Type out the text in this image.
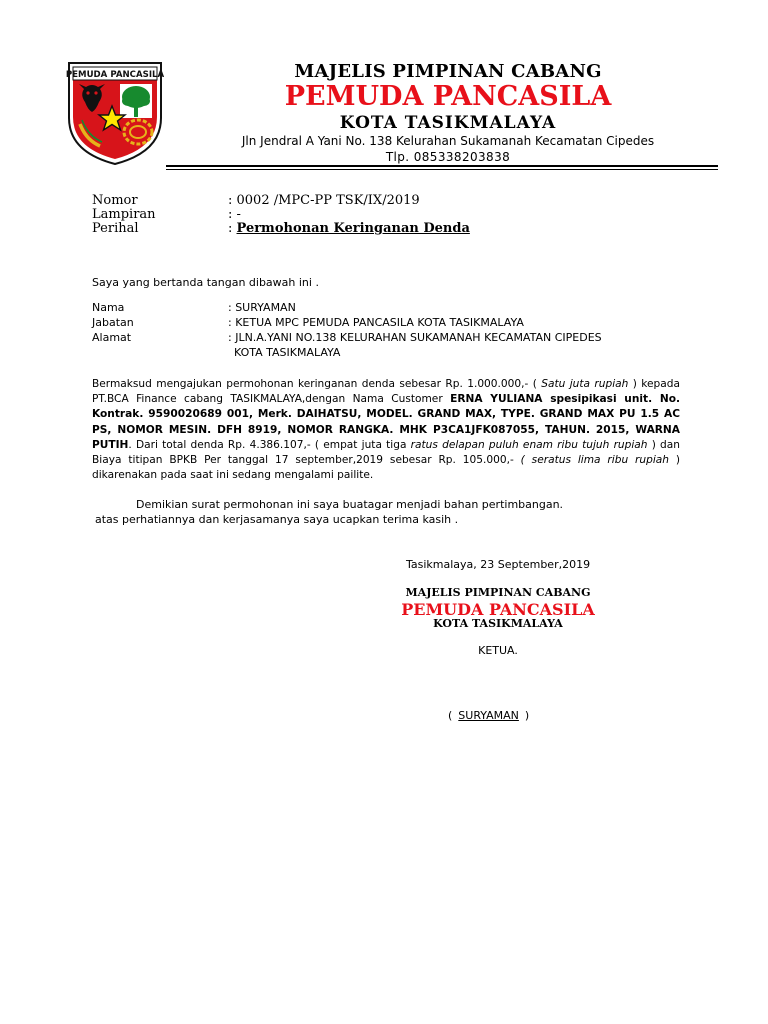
PEMUDA PANCASILA	MAJELIS PIMPINAN CABANG
PEMUDA PANCASILA
KOTA TASIKMALAYA
Jln Jendral A Yani No. 138 Kelurahan Sukamanah Kecamatan Cipedes
Tlp. 085338203838
Nomor	: 0002 /MPC-PP TSK/IX/2019
Lampiran	: -
Perihal	: Permohonan Keringanan Denda
Saya yang bertanda tangan dibawah ini .
Nama	: SURYAMAN
Jabatan	: KETUA MPC PEMUDA PANCASILA KOTA TASIKMALAYA
Alamat	: JLN.A.YANI NO.138 KELURAHAN SUKAMANAH KECAMATAN CIPEDES
KOTA TASIKMALAYA
Bermaksud mengajukan permohonan keringanan denda sebesar Rp. 1.000.000,- ( Satu juta rupiah ) kepada PT.BCA Finance cabang TASIKMALAYA,dengan Nama Customer ERNA YULIANA spesipikasi unit. No. Kontrak. 9590020689 001, Merk. DAIHATSU, MODEL. GRAND MAX, TYPE. GRAND MAX PU 1.5 AC PS, NOMOR MESIN. DFH 8919, NOMOR RANGKA. MHK P3CA1JFK087055, TAHUN. 2015, WARNA PUTIH. Dari total denda Rp. 4.386.107,- ( empat juta tiga ratus delapan puluh enam ribu tujuh rupiah ) dan Biaya titipan BPKB Per tanggal 17 september,2019 sebesar Rp. 105.000,- ( seratus lima ribu rupiah ) dikarenakan pada saat ini sedang mengalami pailite.
Demikian surat permohonan ini saya buatagar menjadi bahan pertimbangan.
atas perhatiannya dan kerjasamanya saya ucapkan terima kasih .
Tasikmalaya, 23 September,2019
MAJELIS PIMPINAN CABANG
PEMUDA PANCASILA
KOTA TASIKMALAYA
KETUA.
( SURYAMAN )
